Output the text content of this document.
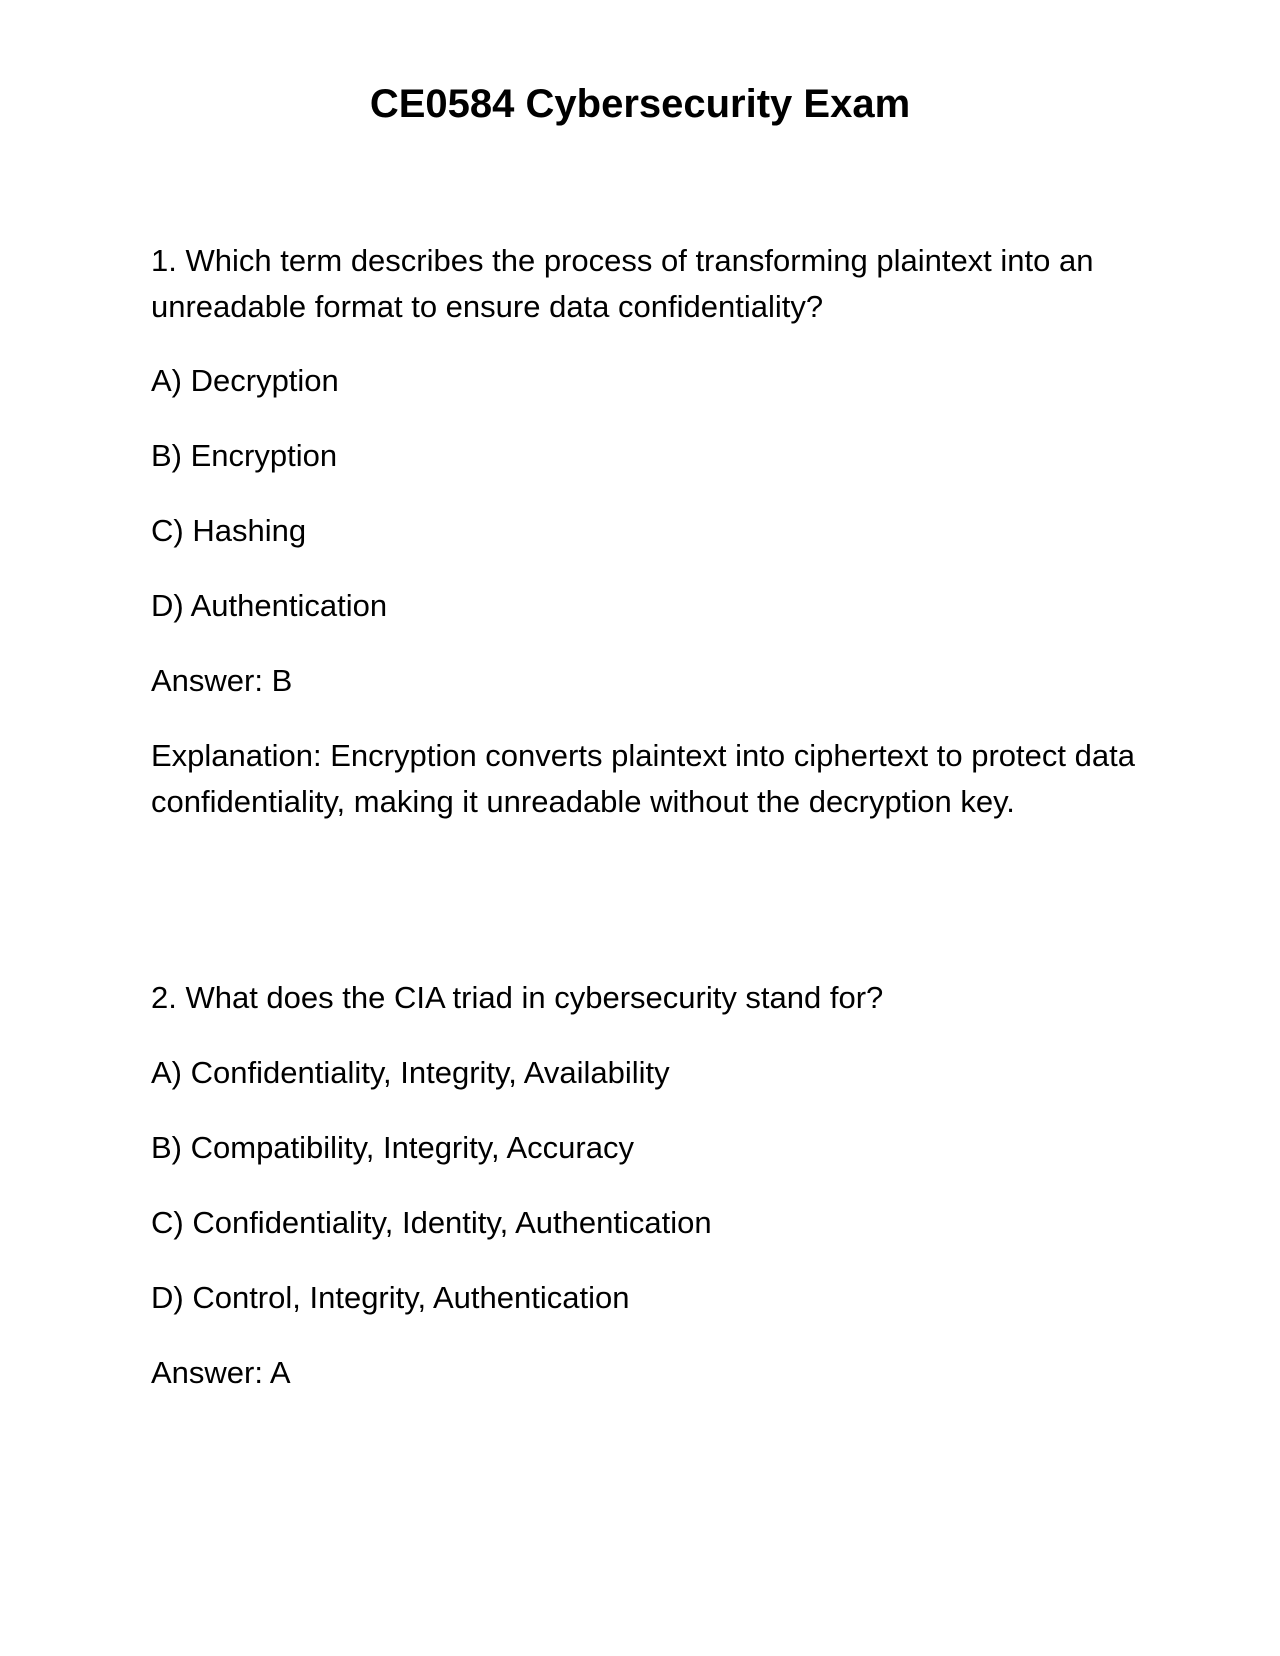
CE0584 Cybersecurity Exam
1. Which term describes the process of transforming plaintext into an unreadable format to ensure data confidentiality?
A) Decryption
B) Encryption
C) Hashing
D) Authentication
Answer: B
Explanation: Encryption converts plaintext into ciphertext to protect data confidentiality, making it unreadable without the decryption key.
2. What does the CIA triad in cybersecurity stand for?
A) Confidentiality, Integrity, Availability
B) Compatibility, Integrity, Accuracy
C) Confidentiality, Identity, Authentication
D) Control, Integrity, Authentication
Answer: A
